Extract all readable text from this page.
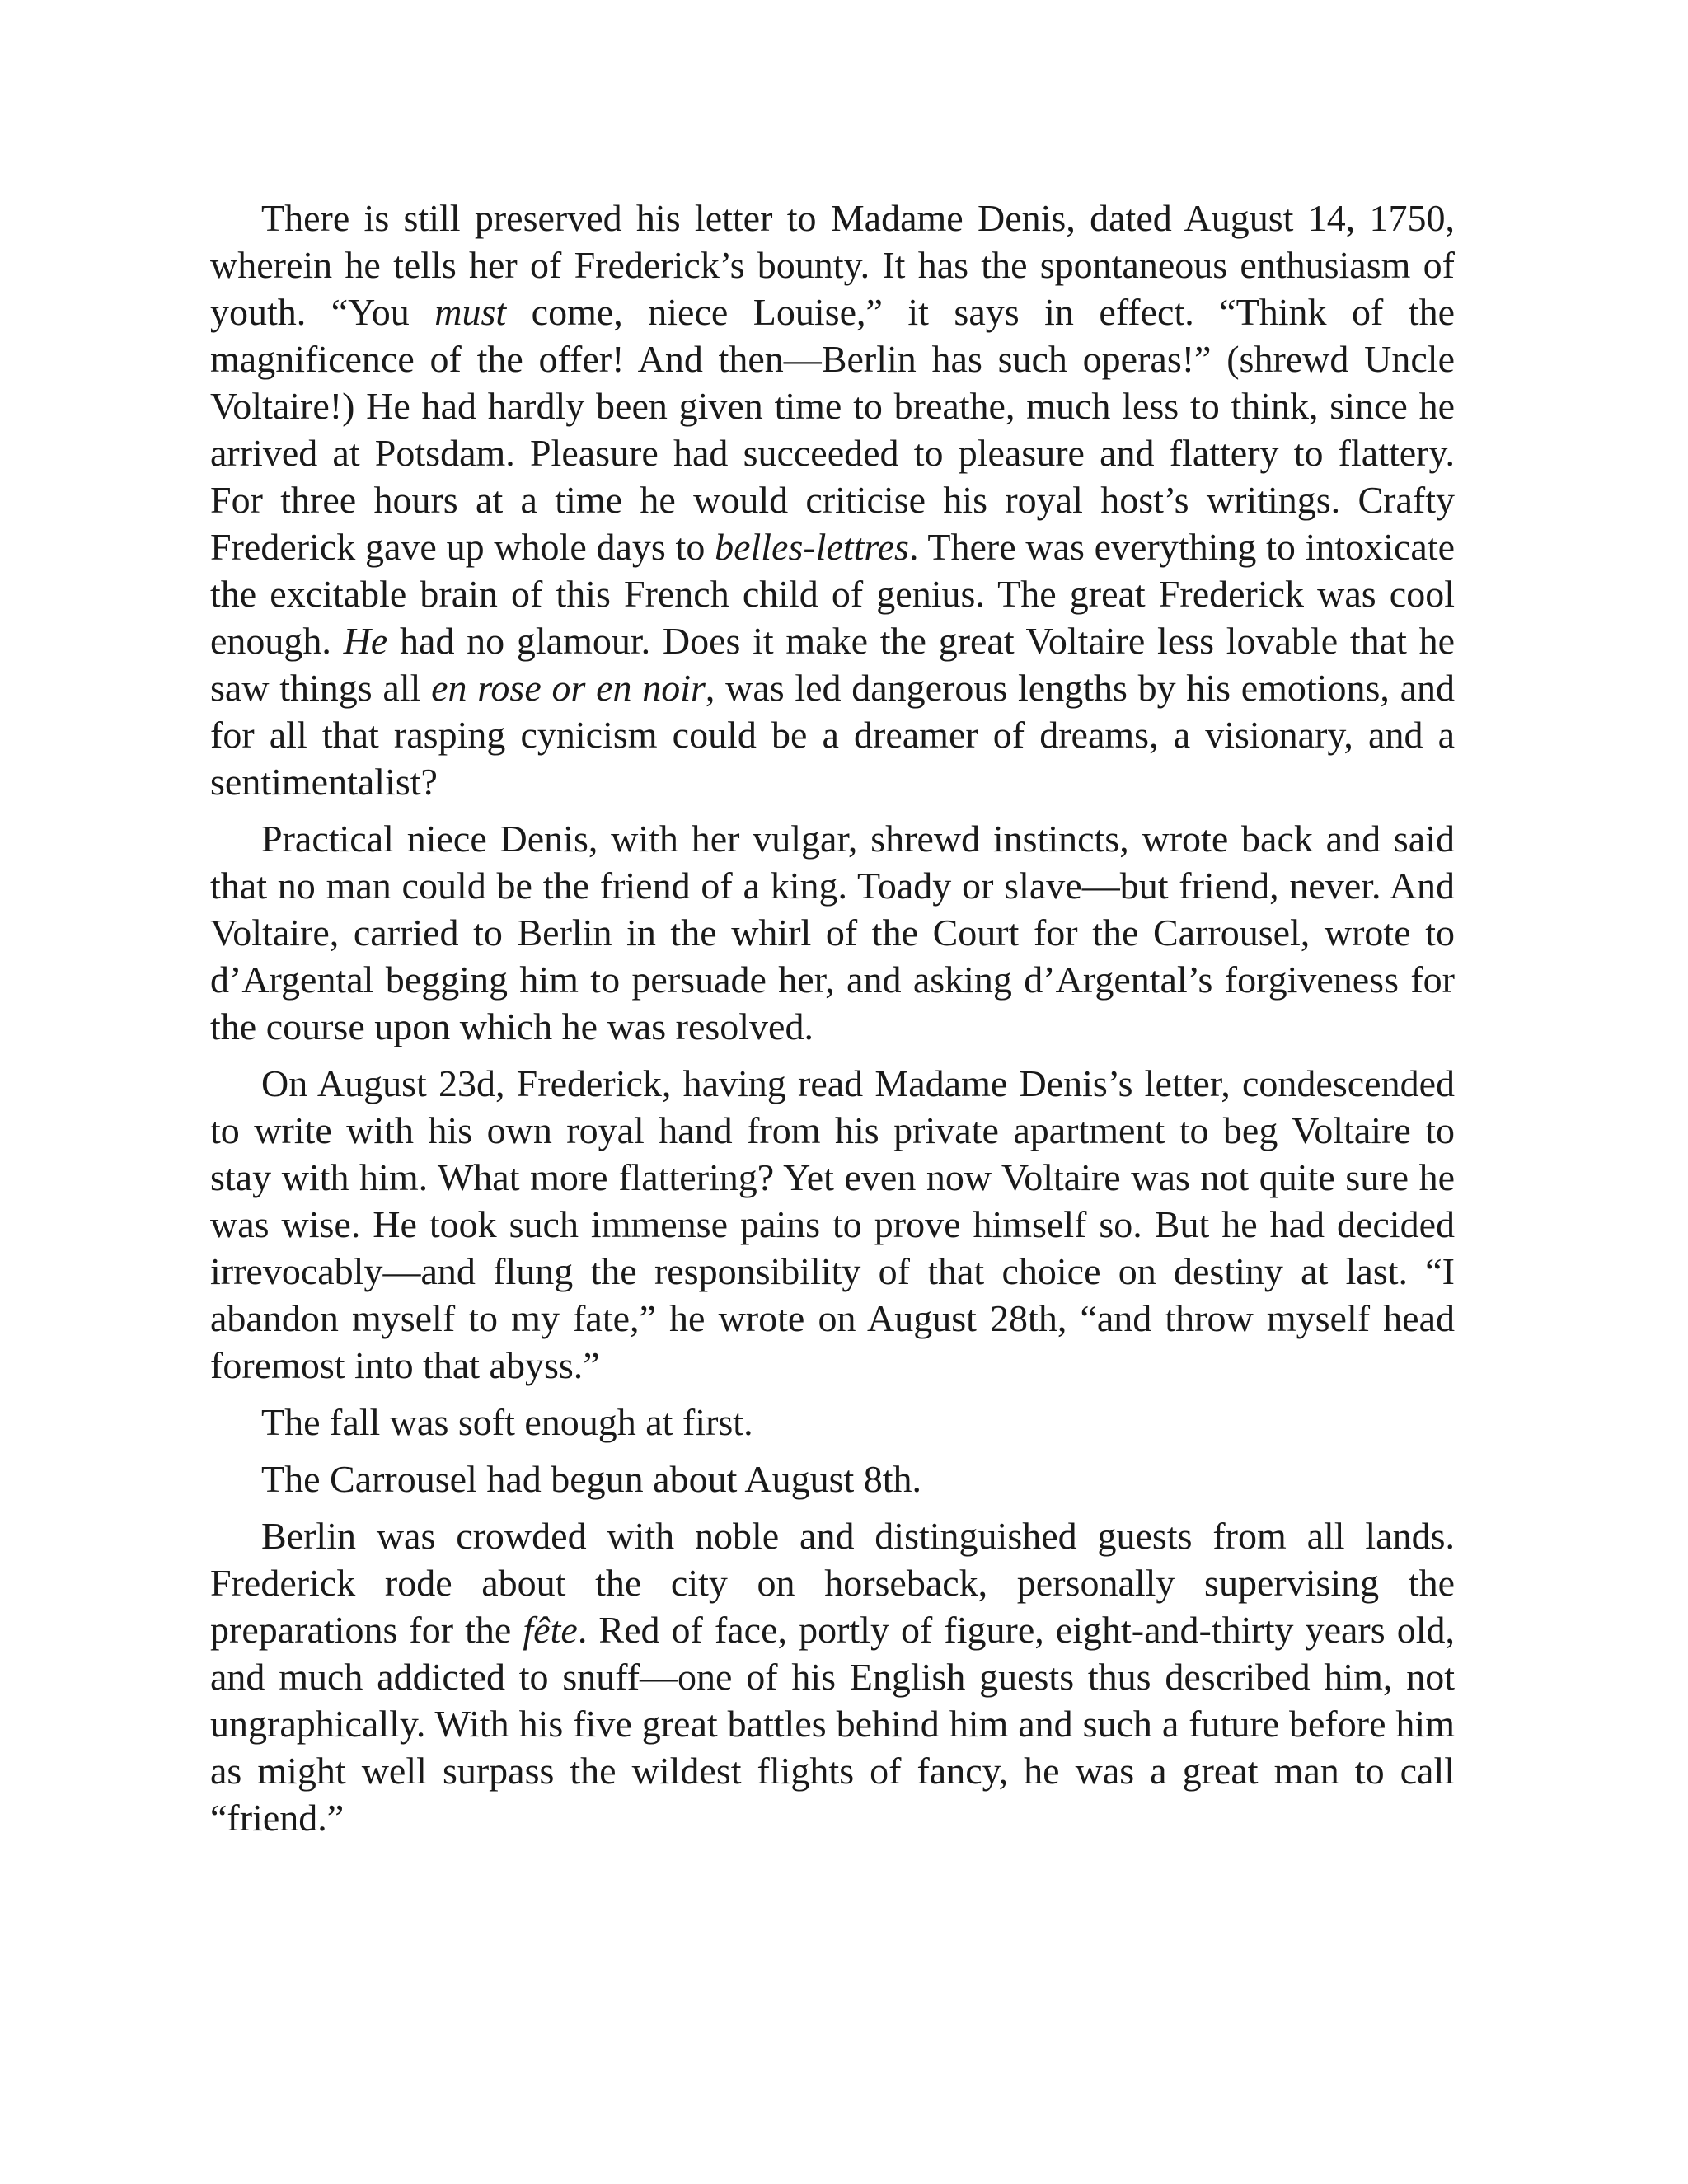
There is still preserved his letter to Madame Denis, dated August 14, 1750, wherein he tells her of Frederick’s bounty. It has the spontaneous enthusiasm of youth. “You must come, niece Louise,” it says in effect. “Think of the magnificence of the offer! And then—Berlin has such operas!” (shrewd Uncle Voltaire!) He had hardly been given time to breathe, much less to think, since he arrived at Potsdam. Pleasure had succeeded to pleasure and flattery to flattery. For three hours at a time he would criticise his royal host’s writings. Crafty Frederick gave up whole days to belles-lettres. There was everything to intoxicate the excitable brain of this French child of genius. The great Frederick was cool enough. He had no glamour. Does it make the great Voltaire less lovable that he saw things all en rose or en noir, was led dangerous lengths by his emotions, and for all that rasping cynicism could be a dreamer of dreams, a visionary, and a sentimentalist?

Practical niece Denis, with her vulgar, shrewd instincts, wrote back and said that no man could be the friend of a king. Toady or slave—but friend, never. And Voltaire, carried to Berlin in the whirl of the Court for the Carrousel, wrote to d’Argental begging him to persuade her, and asking d’Argental’s forgiveness for the course upon which he was resolved.

On August 23d, Frederick, having read Madame Denis’s letter, condescended to write with his own royal hand from his private apartment to beg Voltaire to stay with him. What more flattering? Yet even now Voltaire was not quite sure he was wise. He took such immense pains to prove himself so. But he had decided irrevocably—and flung the responsibility of that choice on destiny at last. “I abandon myself to my fate,” he wrote on August 28th, “and throw myself head foremost into that abyss.”

The fall was soft enough at first.

The Carrousel had begun about August 8th.

Berlin was crowded with noble and distinguished guests from all lands. Frederick rode about the city on horseback, personally supervising the preparations for the fête. Red of face, portly of figure, eight-and-thirty years old, and much addicted to snuff—one of his English guests thus described him, not ungraphically. With his five great battles behind him and such a future before him as might well surpass the wildest flights of fancy, he was a great man to call “friend.”
